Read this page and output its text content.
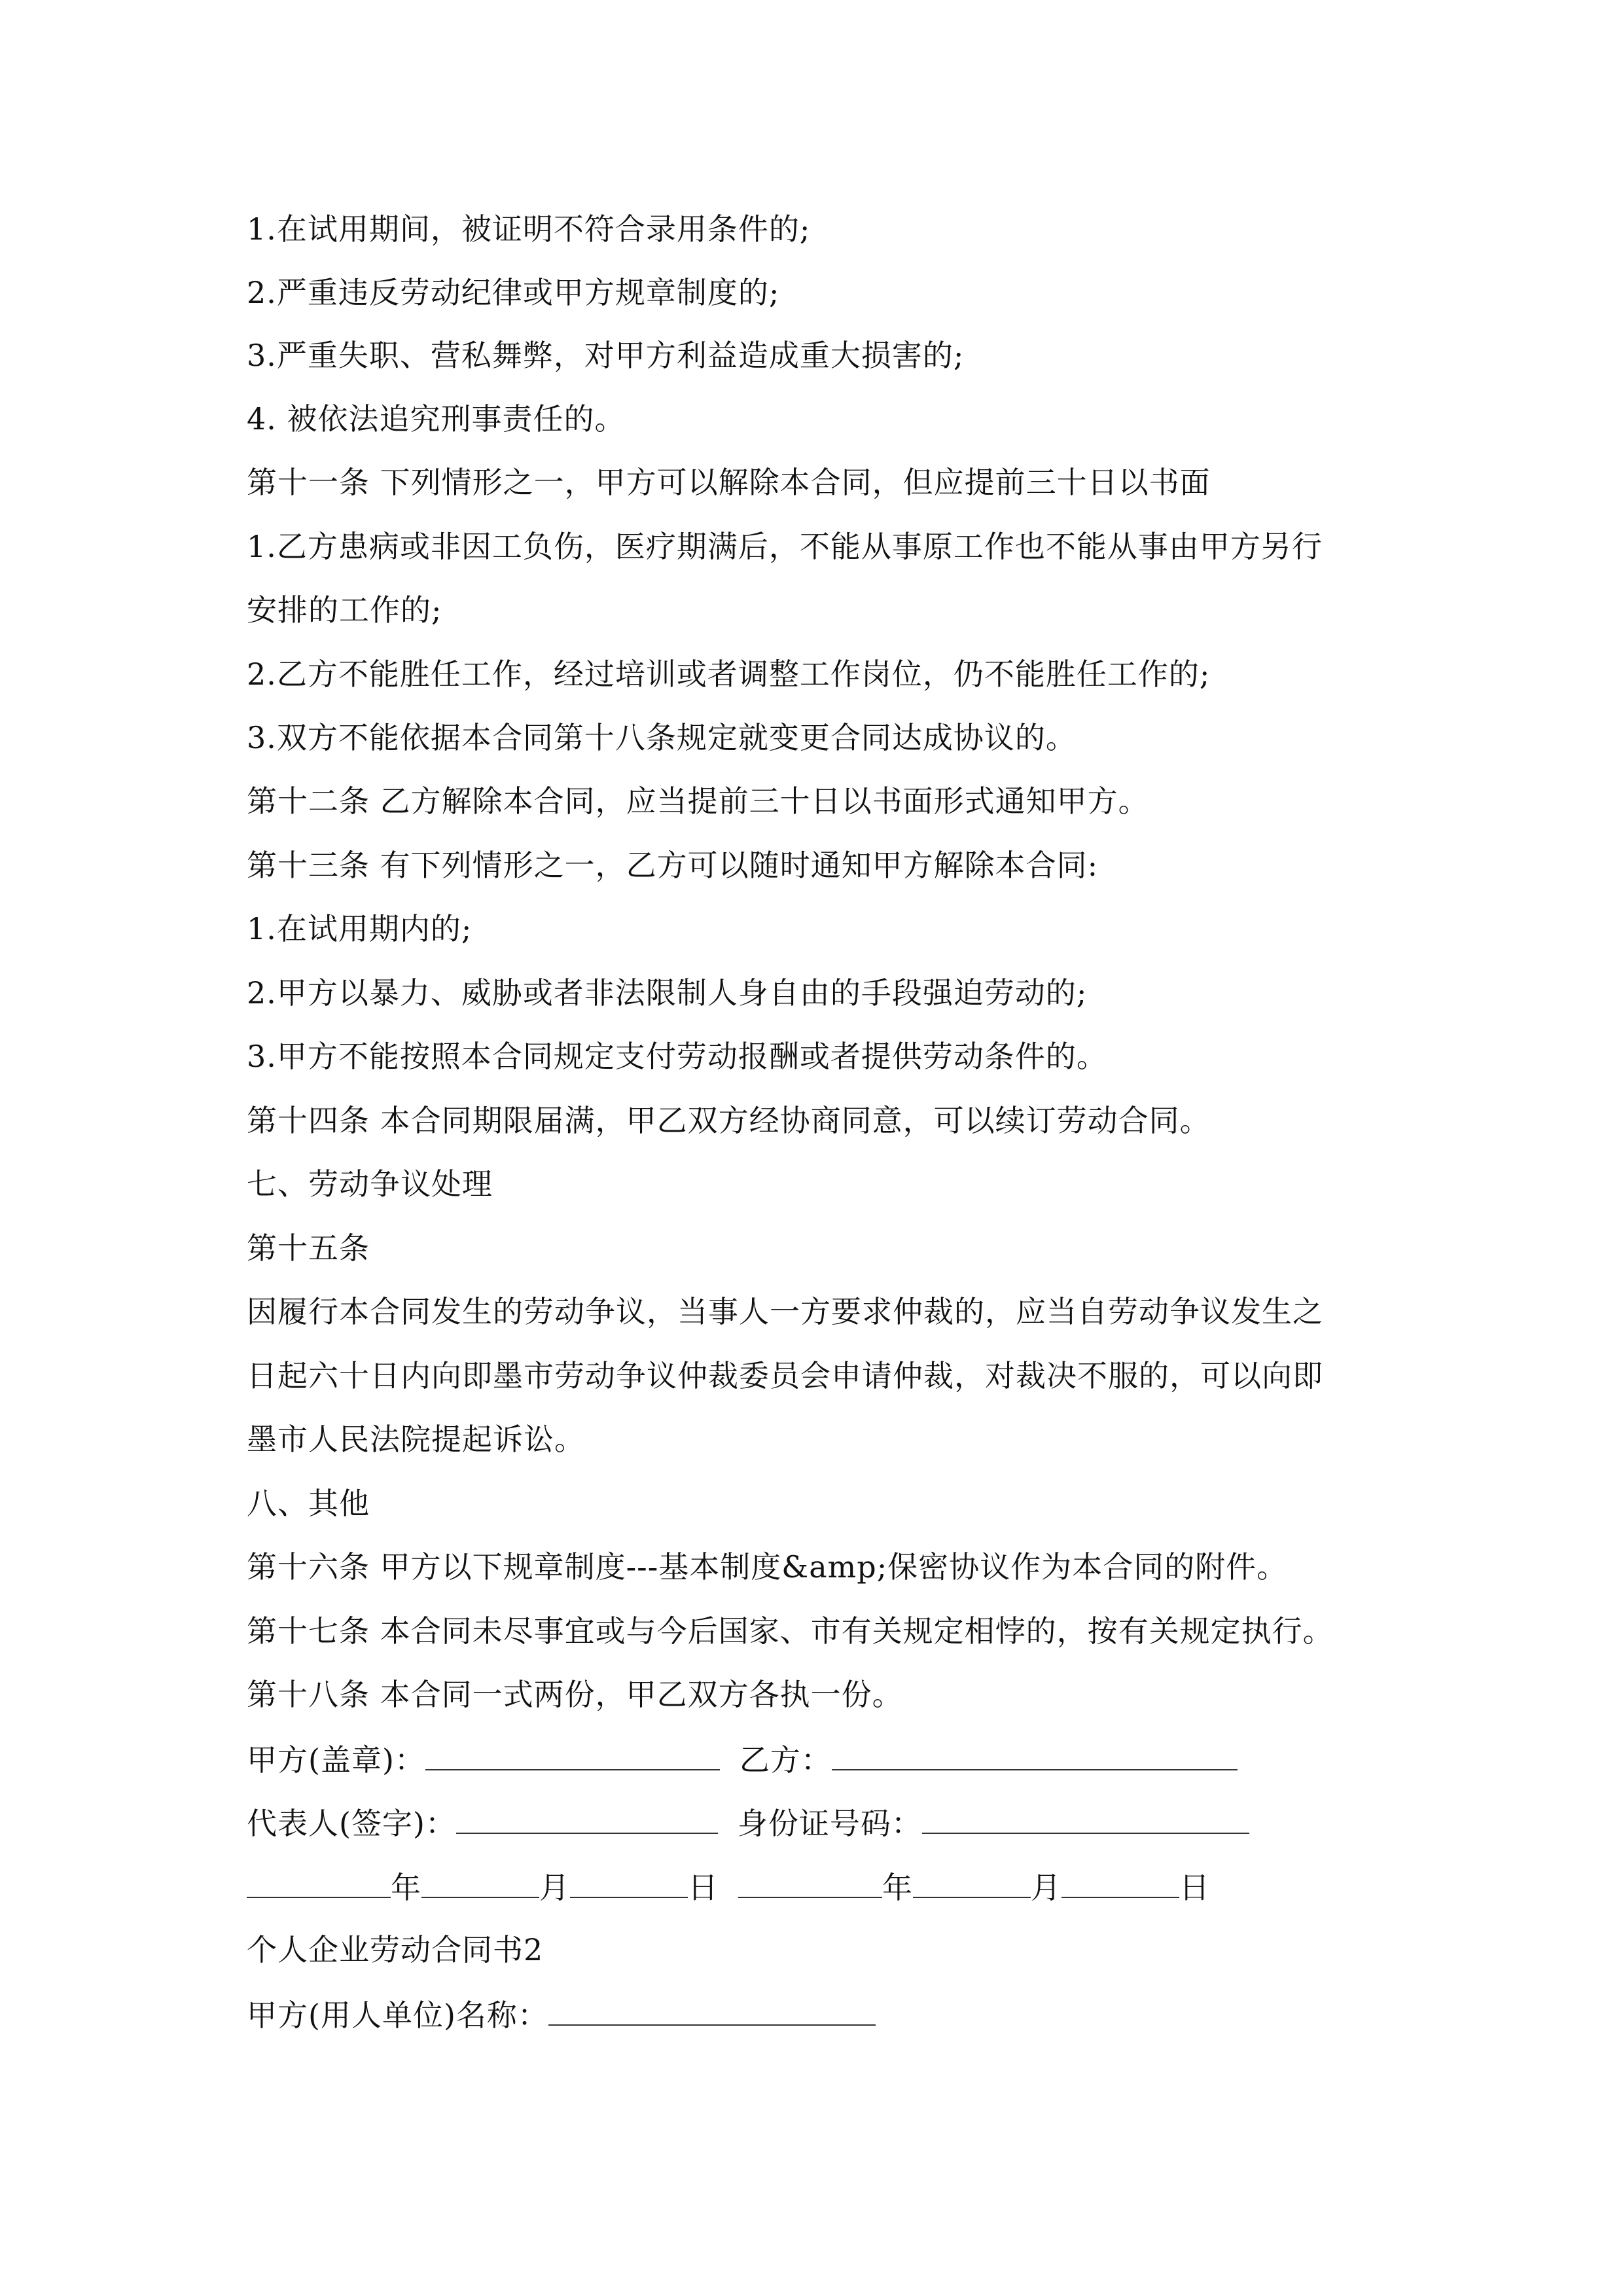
1.在试用期间，被证明不符合录用条件的;
2.严重违反劳动纪律或甲方规章制度的;
3.严重失职、营私舞弊，对甲方利益造成重大损害的;
4. 被依法追究刑事责任的。
第十一条 下列情形之一，甲方可以解除本合同，但应提前三十日以书面
1.乙方患病或非因工负伤，医疗期满后，不能从事原工作也不能从事由甲方另行
安排的工作的;
2.乙方不能胜任工作，经过培训或者调整工作岗位，仍不能胜任工作的;
3.双方不能依据本合同第十八条规定就变更合同达成协议的。
第十二条 乙方解除本合同，应当提前三十日以书面形式通知甲方。
第十三条 有下列情形之一，乙方可以随时通知甲方解除本合同:
1.在试用期内的;
2.甲方以暴力、威胁或者非法限制人身自由的手段强迫劳动的;
3.甲方不能按照本合同规定支付劳动报酬或者提供劳动条件的。
第十四条 本合同期限届满，甲乙双方经协商同意，可以续订劳动合同。
七、劳动争议处理
第十五条
因履行本合同发生的劳动争议，当事人一方要求仲裁的，应当自劳动争议发生之
日起六十日内向即墨市劳动争议仲裁委员会申请仲裁，对裁决不服的，可以向即
墨市人民法院提起诉讼。
八、其他
第十六条 甲方以下规章制度---基本制度&amp;保密协议作为本合同的附件。
第十七条 本合同未尽事宜或与今后国家、市有关规定相悖的，按有关规定执行。
第十八条 本合同一式两份，甲乙双方各执一份。
甲方(盖章)：	乙方：
代表人(签字)：	身份证号码：
年	月	日	年	月	日
个人企业劳动合同书2
甲方(用人单位)名称：
